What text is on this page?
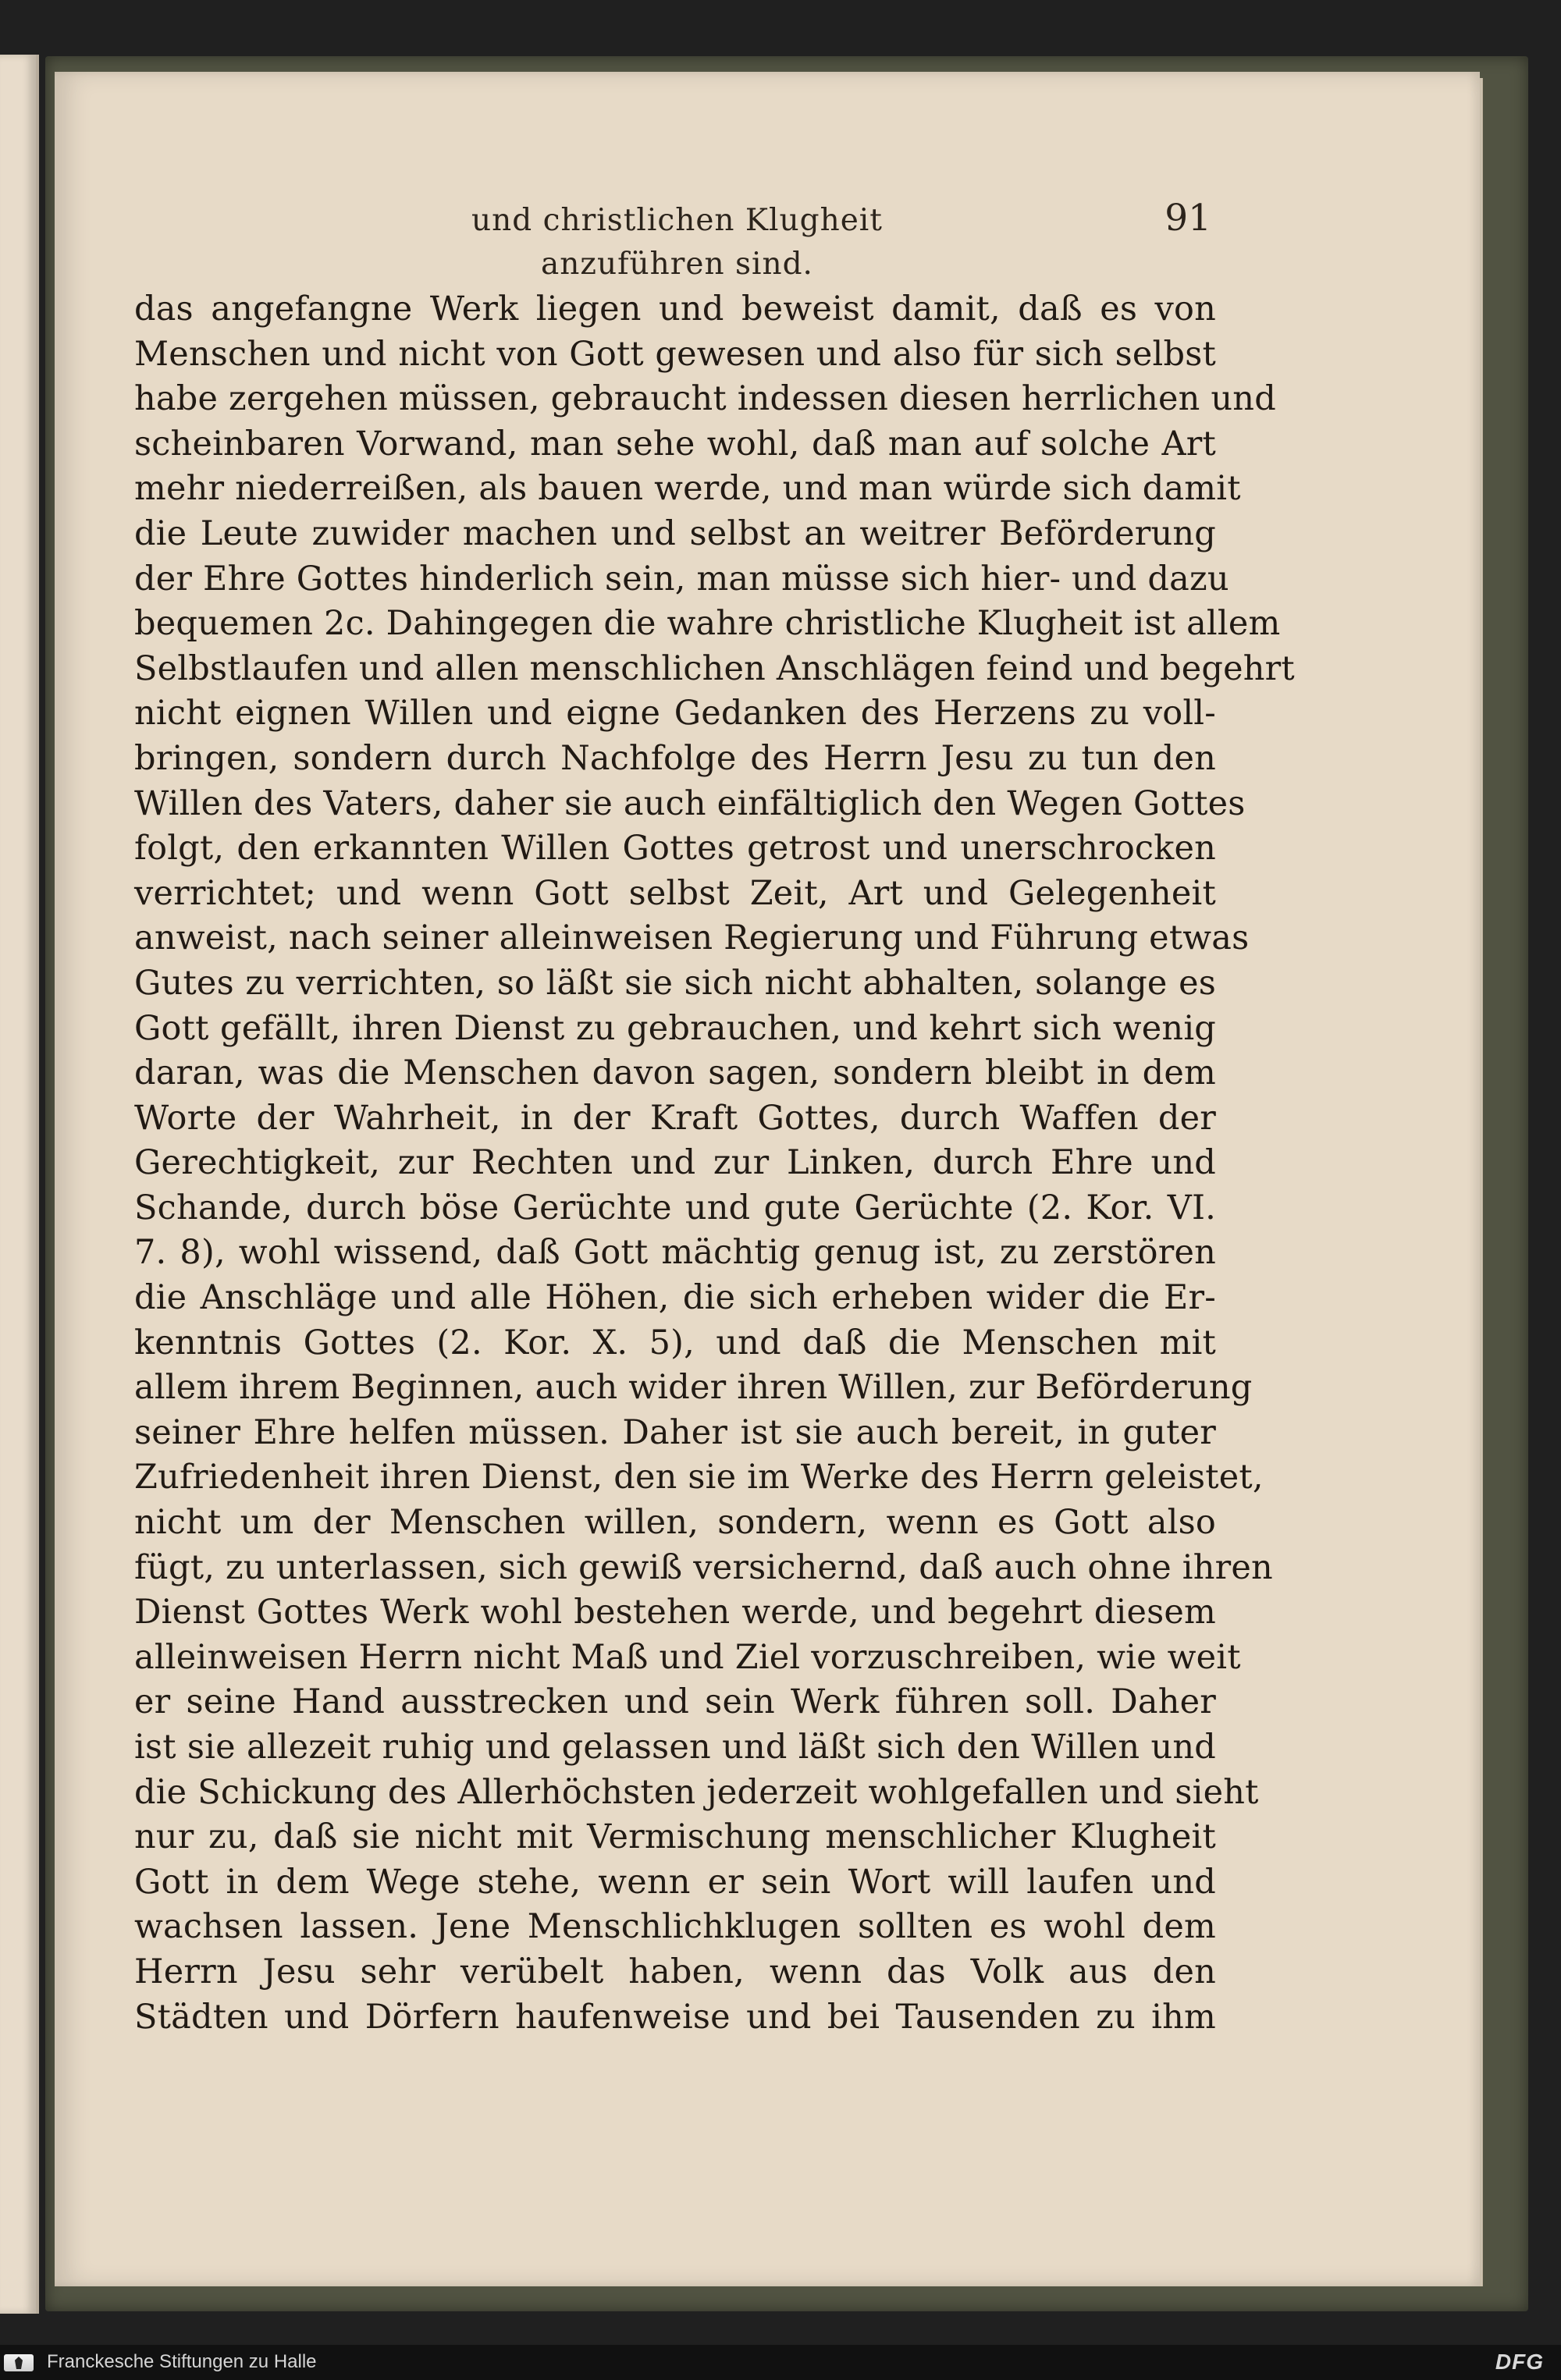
und christlichen Klugheit anzuführen sind.
91
das angefangne Werk liegen und beweist damit, daß es von
Menschen und nicht von Gott gewesen und also für sich selbst
habe zergehen müssen, gebraucht indessen diesen herrlichen und
scheinbaren Vorwand, man sehe wohl, daß man auf solche Art
mehr niederreißen, als bauen werde, und man würde sich damit
die Leute zuwider machen und selbst an weitrer Beförderung
der Ehre Gottes hinderlich sein, man müsse sich hier- und dazu
bequemen 2c. Dahingegen die wahre christliche Klugheit ist allem
Selbstlaufen und allen menschlichen Anschlägen feind und begehrt
nicht eignen Willen und eigne Gedanken des Herzens zu voll-
bringen, sondern durch Nachfolge des Herrn Jesu zu tun den
Willen des Vaters, daher sie auch einfältiglich den Wegen Gottes
folgt, den erkannten Willen Gottes getrost und unerschrocken
verrichtet; und wenn Gott selbst Zeit, Art und Gelegenheit
anweist, nach seiner alleinweisen Regierung und Führung etwas
Gutes zu verrichten, so läßt sie sich nicht abhalten, solange es
Gott gefällt, ihren Dienst zu gebrauchen, und kehrt sich wenig
daran, was die Menschen davon sagen, sondern bleibt in dem
Worte der Wahrheit, in der Kraft Gottes, durch Waffen der
Gerechtigkeit, zur Rechten und zur Linken, durch Ehre und
Schande, durch böse Gerüchte und gute Gerüchte (2. Kor. VI.
7. 8), wohl wissend, daß Gott mächtig genug ist, zu zerstören
die Anschläge und alle Höhen, die sich erheben wider die Er-
kenntnis Gottes (2. Kor. X. 5), und daß die Menschen mit
allem ihrem Beginnen, auch wider ihren Willen, zur Beförderung
seiner Ehre helfen müssen. Daher ist sie auch bereit, in guter
Zufriedenheit ihren Dienst, den sie im Werke des Herrn geleistet,
nicht um der Menschen willen, sondern, wenn es Gott also
fügt, zu unterlassen, sich gewiß versichernd, daß auch ohne ihren
Dienst Gottes Werk wohl bestehen werde, und begehrt diesem
alleinweisen Herrn nicht Maß und Ziel vorzuschreiben, wie weit
er seine Hand ausstrecken und sein Werk führen soll. Daher
ist sie allezeit ruhig und gelassen und läßt sich den Willen und
die Schickung des Allerhöchsten jederzeit wohlgefallen und sieht
nur zu, daß sie nicht mit Vermischung menschlicher Klugheit
Gott in dem Wege stehe, wenn er sein Wort will laufen und
wachsen lassen. Jene Menschlichklugen sollten es wohl dem
Herrn Jesu sehr verübelt haben, wenn das Volk aus den
Städten und Dörfern haufenweise und bei Tausenden zu ihm
Franckesche Stiftungen zu Halle	DFG
